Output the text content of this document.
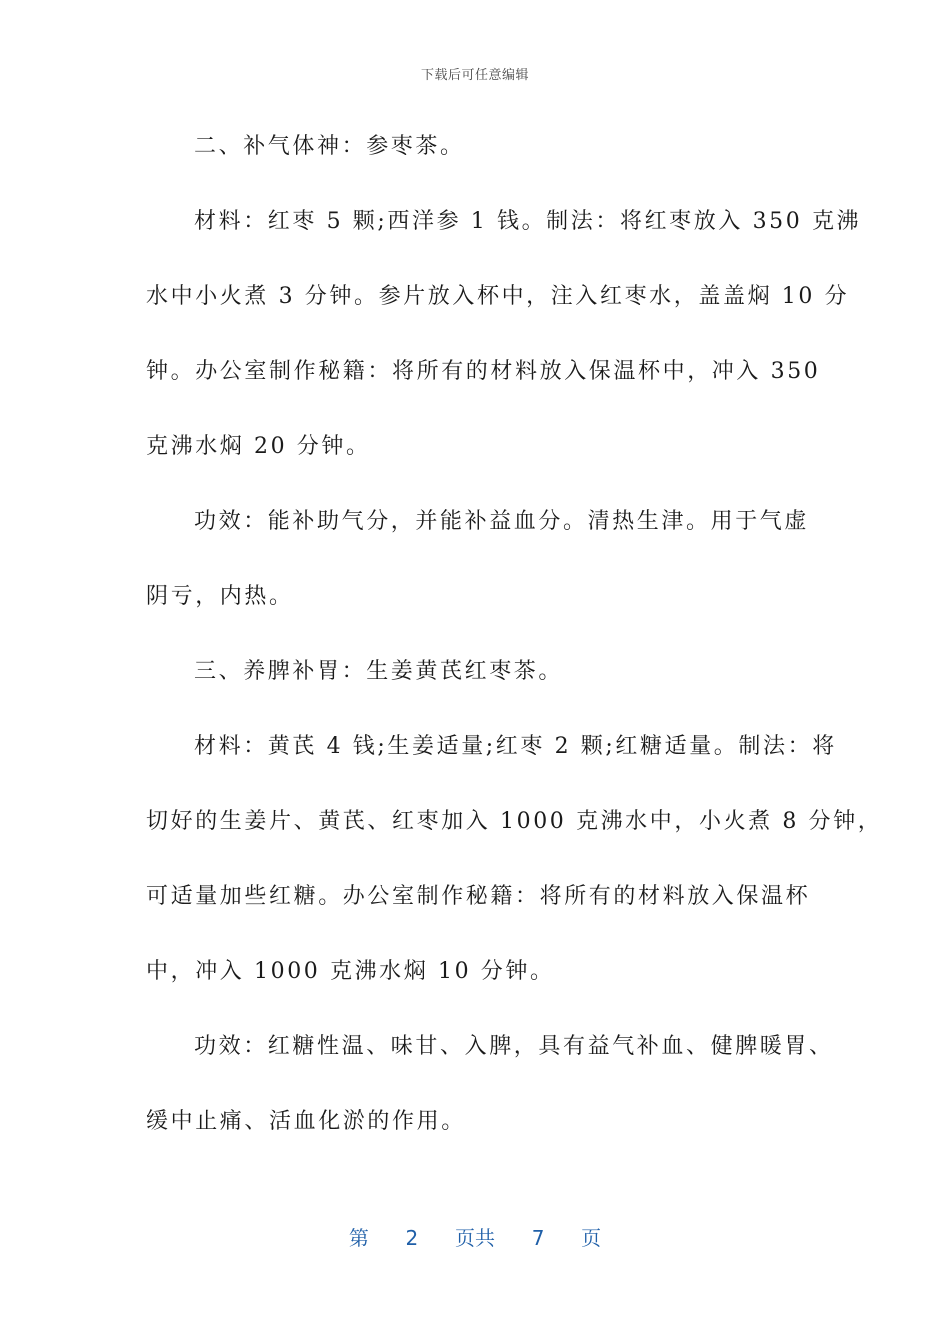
下载后可任意编辑
二、补气体神：参枣茶。
材料：红枣 5 颗;西洋参 1 钱。制法：将红枣放入 350 克沸
水中小火煮 3 分钟。参片放入杯中，注入红枣水，盖盖焖 10 分
钟。办公室制作秘籍：将所有的材料放入保温杯中，冲入 350
克沸水焖 20 分钟。
功效：能补助气分，并能补益血分。清热生津。用于气虚
阴亏，内热。
三、养脾补胃：生姜黄芪红枣茶。
材料：黄芪 4 钱;生姜适量;红枣 2 颗;红糖适量。制法：将
切好的生姜片、黄芪、红枣加入 1000 克沸水中，小火煮 8 分钟，
可适量加些红糖。办公室制作秘籍：将所有的材料放入保温杯
中，冲入 1000 克沸水焖 10 分钟。
功效：红糖性温、味甘、入脾，具有益气补血、健脾暖胃、
缓中止痛、活血化淤的作用。
第 2 页共 7 页
